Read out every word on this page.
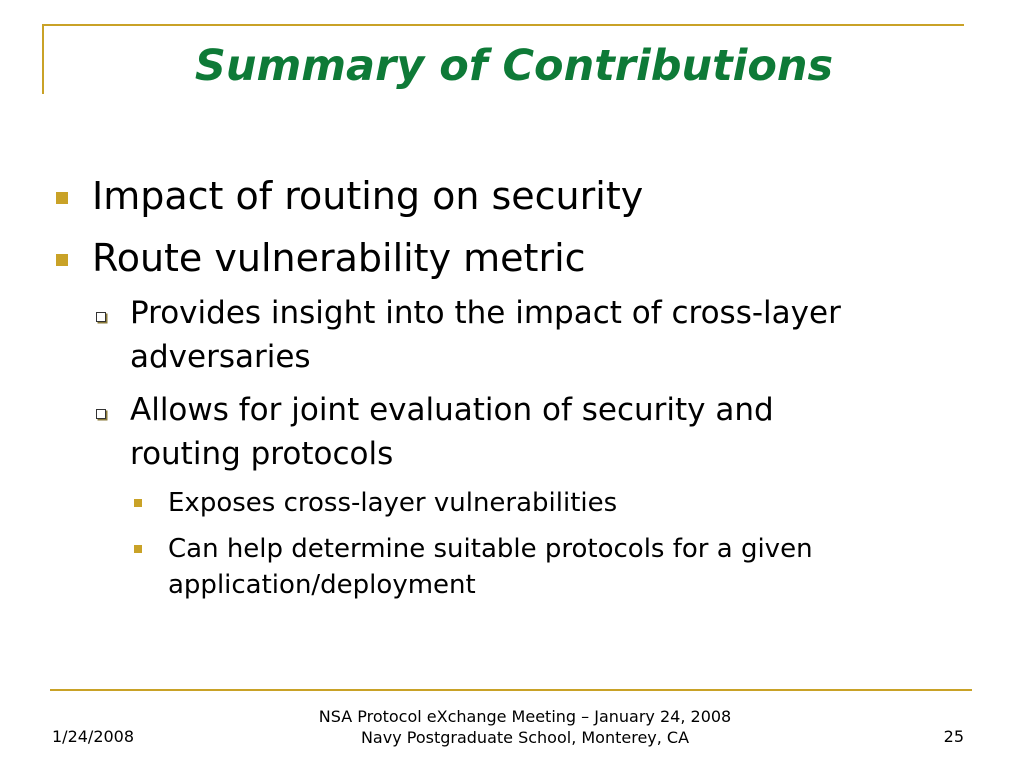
Summary of Contributions
Impact of routing on security
Route vulnerability metric
Provides insight into the impact of cross-layer
adversaries
Allows for joint evaluation of security and
routing protocols
Exposes cross-layer vulnerabilities
Can help determine suitable protocols for a given
application/deployment
1/24/2008
NSA Protocol eXchange Meeting – January 24, 2008
Navy Postgraduate School, Monterey, CA	25
